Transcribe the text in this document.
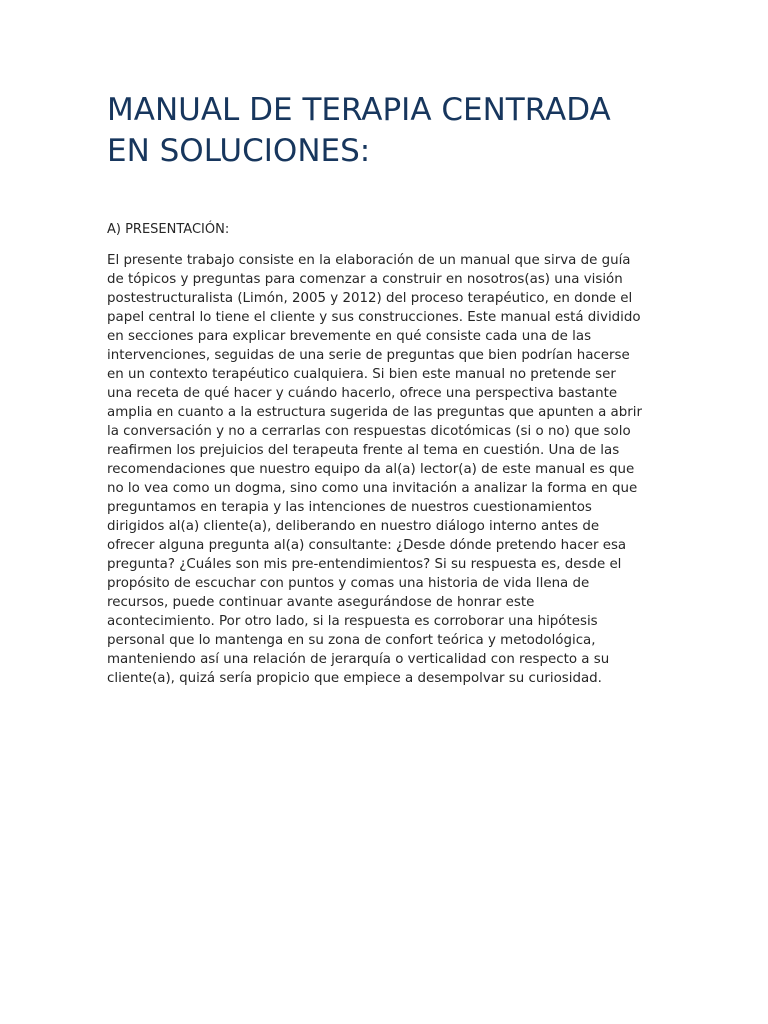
MANUAL DE TERAPIA CENTRADA
EN SOLUCIONES:

A) PRESENTACIÓN:

El presente trabajo consiste en la elaboración de un manual que sirva de guía
de tópicos y preguntas para comenzar a construir en nosotros(as) una visión
postestructuralista (Limón, 2005 y 2012) del proceso terapéutico, en donde el
papel central lo tiene el cliente y sus construcciones. Este manual está dividido
en secciones para explicar brevemente en qué consiste cada una de las
intervenciones, seguidas de una serie de preguntas que bien podrían hacerse
en un contexto terapéutico cualquiera. Si bien este manual no pretende ser
una receta de qué hacer y cuándo hacerlo, ofrece una perspectiva bastante
amplia en cuanto a la estructura sugerida de las preguntas que apunten a abrir
la conversación y no a cerrarlas con respuestas dicotómicas (si o no) que solo
reafirmen los prejuicios del terapeuta frente al tema en cuestión. Una de las
recomendaciones que nuestro equipo da al(a) lector(a) de este manual es que
no lo vea como un dogma, sino como una invitación a analizar la forma en que
preguntamos en terapia y las intenciones de nuestros cuestionamientos
dirigidos al(a) cliente(a), deliberando en nuestro diálogo interno antes de
ofrecer alguna pregunta al(a) consultante: ¿Desde dónde pretendo hacer esa
pregunta? ¿Cuáles son mis pre-entendimientos? Si su respuesta es, desde el
propósito de escuchar con puntos y comas una historia de vida llena de
recursos, puede continuar avante asegurándose de honrar este
acontecimiento. Por otro lado, si la respuesta es corroborar una hipótesis
personal que lo mantenga en su zona de confort teórica y metodológica,
manteniendo así una relación de jerarquía o verticalidad con respecto a su
cliente(a), quizá sería propicio que empiece a desempolvar su curiosidad.
